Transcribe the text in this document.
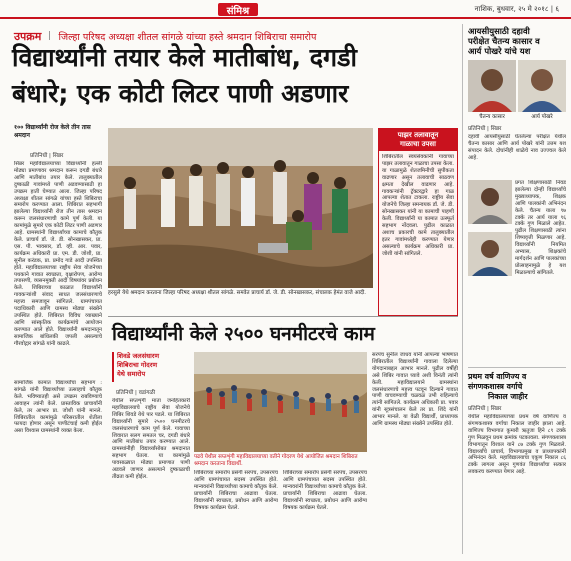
संमिश्र	नाशिक, बुधवार, २५ मे २०१८ | ६
उपक्रम जिल्हा परिषद अध्यक्षा शीतल सांगळे यांच्या हस्ते श्रमदान शिबिराचा समारोप
विद्यार्थ्यांनी तयार केले मातीबांध, दगडी
बंधारे; एक कोटी लिटर पाणी अडणार
१०० विद्यार्थ्यांनी रोज केले तीन तास श्रमदान
प्रतिनिधी | सिन्नर
सिन्नर महाविद्यालयाच्या विद्यार्थ्यांनी हल्ली मोठ्या प्रमाणावर श्रमदान करून दगडी बंधारे आणि मातीबांध तयार केले. तालुक्यातील दुष्काळी गावांमध्ये पाणी अडवण्यासाठी हा उपक्रम हाती घेण्यात आला. जिल्हा परिषद अध्यक्षा शीतल सांगळे यांच्या हस्ते शिबिराचा समारोप करण्यात आला. शिबिरात सहभागी झालेल्या विद्यार्थ्यांनी रोज तीन तास श्रमदान करून जलसंधारणाची कामे पूर्ण केली. या कामांमुळे सुमारे एक कोटी लिटर पाणी अडणार आहे. ग्रामस्थांनी विद्यार्थ्यांच्या कामाचे कौतुक केले. प्राचार्य डॉ. जे. डी. सोनखासकर, प्रा. एस. पी. भावसार, डॉ. व्ही. आर. पवार, कार्यक्रम अधिकारी प्रा. एम. डी. जोशी, प्रा. सुनील करंडक, प्रा. प्रमोद गाडे आदी उपस्थित होते. महाविद्यालयाच्या राष्ट्रीय सेवा योजनेच्या पथकाने गावात स्वच्छता, वृक्षारोपण, आरोग्य तपासणी, व्यसनमुक्ती आदी विषयांवर प्रबोधन केले. शिबिराच्या काळात विद्यार्थ्यांनी गावकऱ्यांशी संवाद साधत जलसंधारणाचे महत्त्व समजावून सांगितले. ग्रामपंचायत पदाधिकारी आणि ग्रामस्थ मोठ्या संख्येने उपस्थित होते. शिबिरात विविध व्याख्याने आणि सांस्कृतिक कार्यक्रमांचे आयोजन करण्यात आले होते. विद्यार्थ्यांनी श्रमदानातून सामाजिक बांधिलकी जपली असल्याचे गौरवोद्गार सांगळे यांनी काढले.
हरसुले येथे श्रमदान करताना जिल्हा परिषद अध्यक्षा शीतल सांगळे. समवेत प्राचार्य डॉ. जे. डी. सोनखासकर, संचालक हेमंत वाजे आदी.
पाझर तलावातून
गाळाचा उपसा
शिबिरातील स्वयंसेवकांनी गावाच्या पाझर तलावातून गाळाचा उपसा केला. या गाळामुळे शेतजमिनीची सुपीकता वाढणार असून तलावाची साठवण क्षमता देखील वाढणार आहे. गावकऱ्यांनी ट्रॅक्टरद्वारे हा गाळ आपल्या शेतात टाकला. राष्ट्रीय सेवा योजनेचे जिल्हा समन्वयक डॉ. जे. डी. सोनखासकर यांनी या कामाची पाहणी केली. विद्यार्थ्यांनी या कामात उत्स्फूर्त सहभाग नोंदवला. पुढील काळात अशाच प्रकारची कामे तालुक्यातील इतर गावांमध्येही करण्यात येणार असल्याचे कार्यक्रम अधिकारी प्रा. जोशी यांनी सांगितले.
आयसीयुसाठी दहावी
परीक्षेत चैतन्य कासार व
आर्य पोखरे यांचे यश
चैतन्य कासार	आर्य पोखरे
प्रतिनिधी | सिन्नर
दहावी आयसीयुसाठी घेतलेल्या परीक्षेत येथील चैतन्य कासार आणि आर्य पोखरे यांनी उत्तम यश संपादन केले. दोघांनीही शाळेचे नाव उज्ज्वल केले आहे.
प्रगत शिक्षणासाठी निवड झालेल्या दोन्ही विद्यार्थ्यांचे मुख्याध्यापक, शिक्षक आणि पालकांनी अभिनंदन केले. चैतन्य याला ९७ टक्के तर आर्य याला ९६ टक्के गुण मिळाले आहेत. पुढील शिक्षणासाठी त्यांना शिष्यवृत्ती मिळणार आहे. विद्यार्थ्यांनी नियमित अभ्यास, शिक्षकांचे मार्गदर्शन आणि पालकांच्या प्रोत्साहनामुळे हे यश मिळाल्याचे सांगितले.
प्रथम वर्ष वाणिज्य व
संगणकशास्त्र वर्गाचे
निकाल जाहीर
प्रतिनिधी | सिन्नर
येथील महाविद्यालयाच्या प्रथम वर्ष वाणिज्य व संगणकशास्त्र वर्गाचा निकाल जाहीर झाला आहे. वाणिज्य विभागात कुमारी ऋतुजा हिने ८९ टक्के गुण मिळवून प्रथम क्रमांक पटकावला. संगणकशास्त्र विभागातून विशाल याने ८७ टक्के गुण मिळवले. विद्यार्थ्यांचे प्राचार्य, विभागप्रमुख व प्राध्यापकांनी अभिनंदन केले. महाविद्यालयाचा एकूण निकाल ८६ टक्के लागला असून गुणवंत विद्यार्थ्यांचा सत्कार लवकरच करण्यात येणार आहे.
विद्यार्थ्यांनी केले २५०० घनमीटरचे काम
शिवडे जलसंधारण
शिबिराचा गोदरण
येथे समारोप
प्रतिनिधी | वडांगळी
येथील सप्तशृंगी माता जनहितकारी महाविद्यालयाचे राष्ट्रीय सेवा योजनेचे शिबिर शिवडे येथे पार पडले. या शिबिरात विद्यार्थ्यांनी सुमारे २५०० घनमीटरचे जलसंधारणाचे काम पूर्ण केले. गावाच्या शिवारात सलग समतल चर, दगडी बंधारे आणि मातीबांध तयार करण्यात आले. ग्रामस्थांनीही विद्यार्थ्यांसोबत श्रमदानात सहभाग घेतला. या कामांमुळे पावसाळ्यात मोठ्या प्रमाणात पाणी अडवले जाणार असल्याने दुष्काळाची तीव्रता कमी होईल.
पढवे येथील सप्तशृंगी महाविद्यालयाच्या वतीने गोदरण येथे आयोजित श्रमदान शिबिरात श्रमदान करताना विद्यार्थी.
शिबिराच्या समारोप प्रसंगी सरपंच, उपसरपंच आणि ग्रामपंचायत सदस्य उपस्थित होते. मान्यवरांनी विद्यार्थ्यांच्या कामाचे कौतुक केले. प्राचार्यांनी शिबिराचा आढावा घेतला. विद्यार्थ्यांनी स्वच्छता, प्रबोधन आणि आरोग्य विषयक कार्यक्रम घेतले.
शिबिराच्या समारोप प्रसंगी सरपंच, उपसरपंच आणि ग्रामपंचायत सदस्य उपस्थित होते. मान्यवरांनी विद्यार्थ्यांच्या कामाचे कौतुक केले. प्राचार्यांनी शिबिराचा आढावा घेतला. विद्यार्थ्यांनी स्वच्छता, प्रबोधन आणि आरोग्य विषयक कार्यक्रम घेतले.
सरपंच सुनील जाधव यांनी आपल्या भाषणात शिबिरातील विद्यार्थ्यांनी गावाला दिलेल्या योगदानाबद्दल आभार मानले. पुढील वर्षीही असे शिबिर गावात घ्यावे अशी विनंती त्यांनी केली. महाविद्यालयाने ग्रामस्थांना जलसंधारणाचे महत्त्व पटवून दिल्याने गावात पाणी वाचवण्याची चळवळ उभी राहिल्याचे त्यांनी सांगितले. कार्यक्रम अधिकारी प्रा. पवार यांनी सूत्रसंचालन केले तर प्रा. शिंदे यांनी आभार मानले. या वेळी विद्यार्थी, प्राध्यापक आणि ग्रामस्थ मोठ्या संख्येने उपस्थित होते.
सामाजिक कामात विद्यार्थ्यांचा सहभाग : सांगळे यांनी विद्यार्थ्यांच्या उत्साहाचे कौतुक केले. भविष्यातही असे उपक्रम राबविण्याचे आवाहन त्यांनी केले. प्रास्ताविक प्राचार्यांनी केले, तर आभार प्रा. जोशी यांनी मानले. शिबिरातील कामांमुळे परिसरातील शेतीला फायदा होणार असून पाणीटंचाई कमी होईल असा विश्वास ग्रामस्थांनी व्यक्त केला.
